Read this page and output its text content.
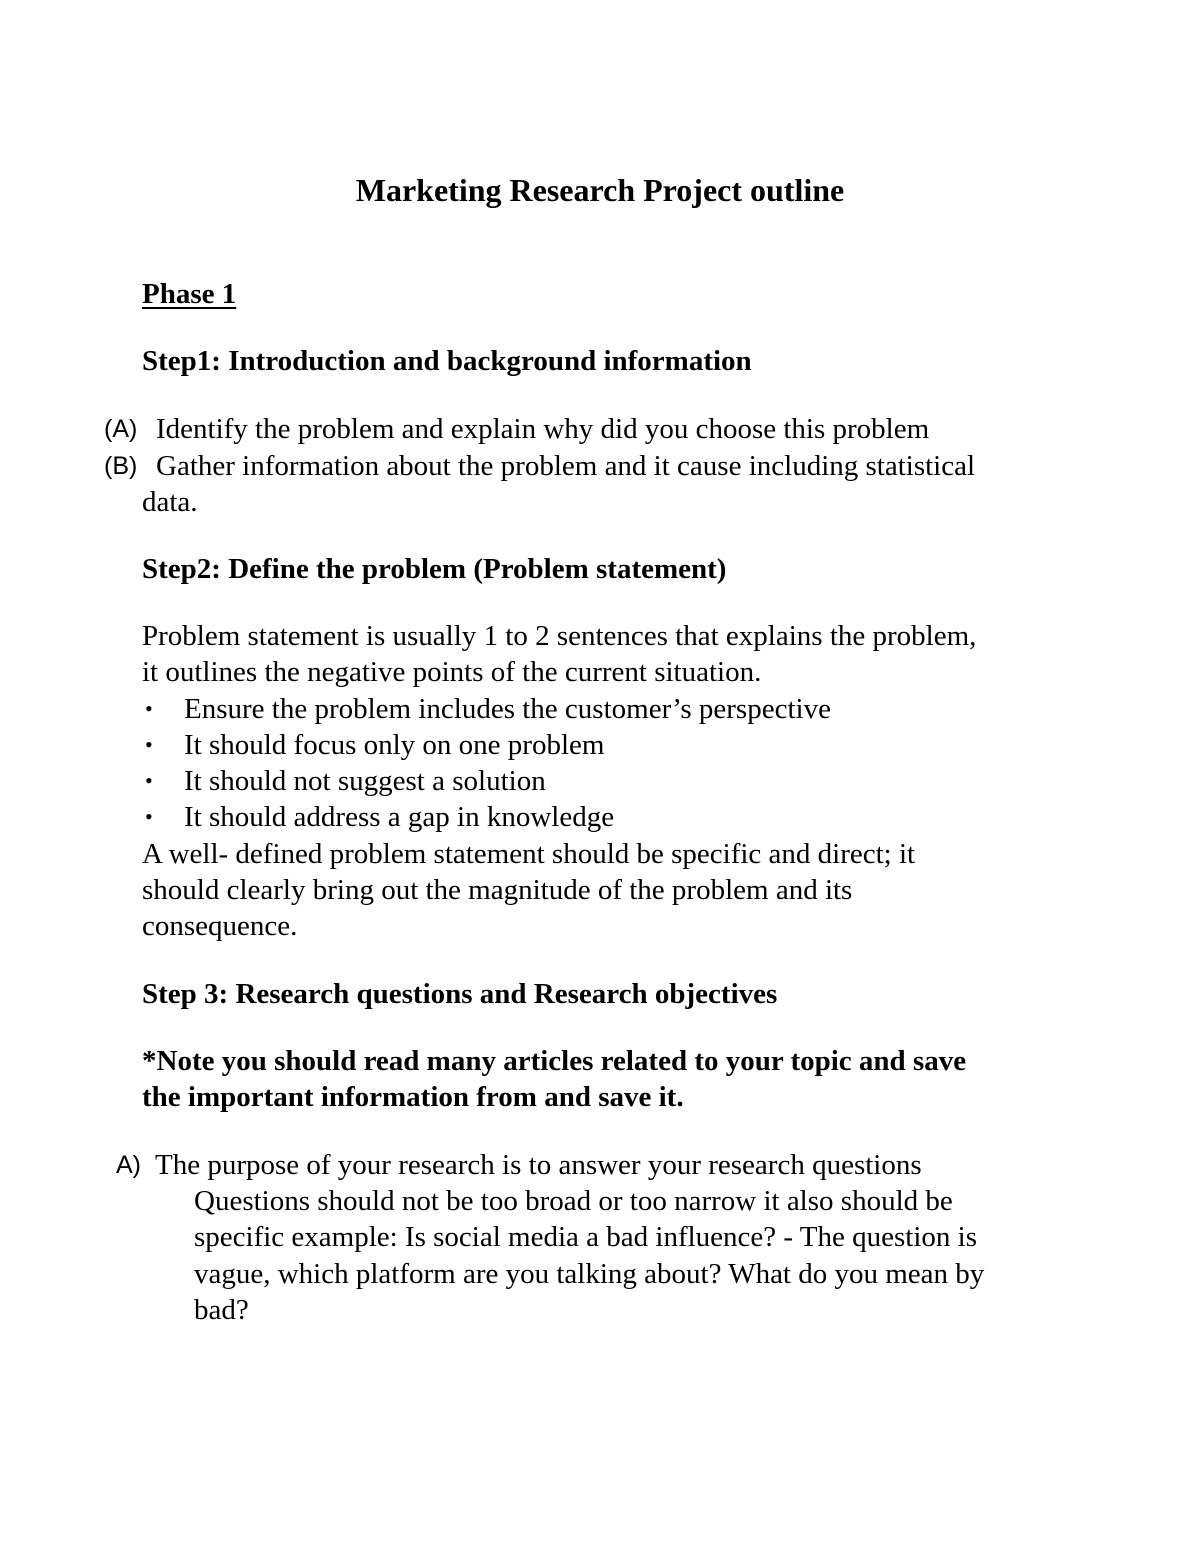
Marketing Research Project outline
Phase 1
Step1: Introduction and background information
(A) Identify the problem and explain why did you choose this problem
(B) Gather information about the problem and it cause including statistical
data.
Step2: Define the problem (Problem statement)
Problem statement is usually 1 to 2 sentences that explains the problem,
it outlines the negative points of the current situation.
• Ensure the problem includes the customer’s perspective
• It should focus only on one problem
• It should not suggest a solution
• It should address a gap in knowledge
A well- defined problem statement should be specific and direct; it
should clearly bring out the magnitude of the problem and its
consequence.
Step 3: Research questions and Research objectives
*Note you should read many articles related to your topic and save
the important information from and save it.
A) The purpose of your research is to answer your research questions
Questions should not be too broad or too narrow it also should be
specific example: Is social media a bad influence? - The question is
vague, which platform are you talking about? What do you mean by
bad?
